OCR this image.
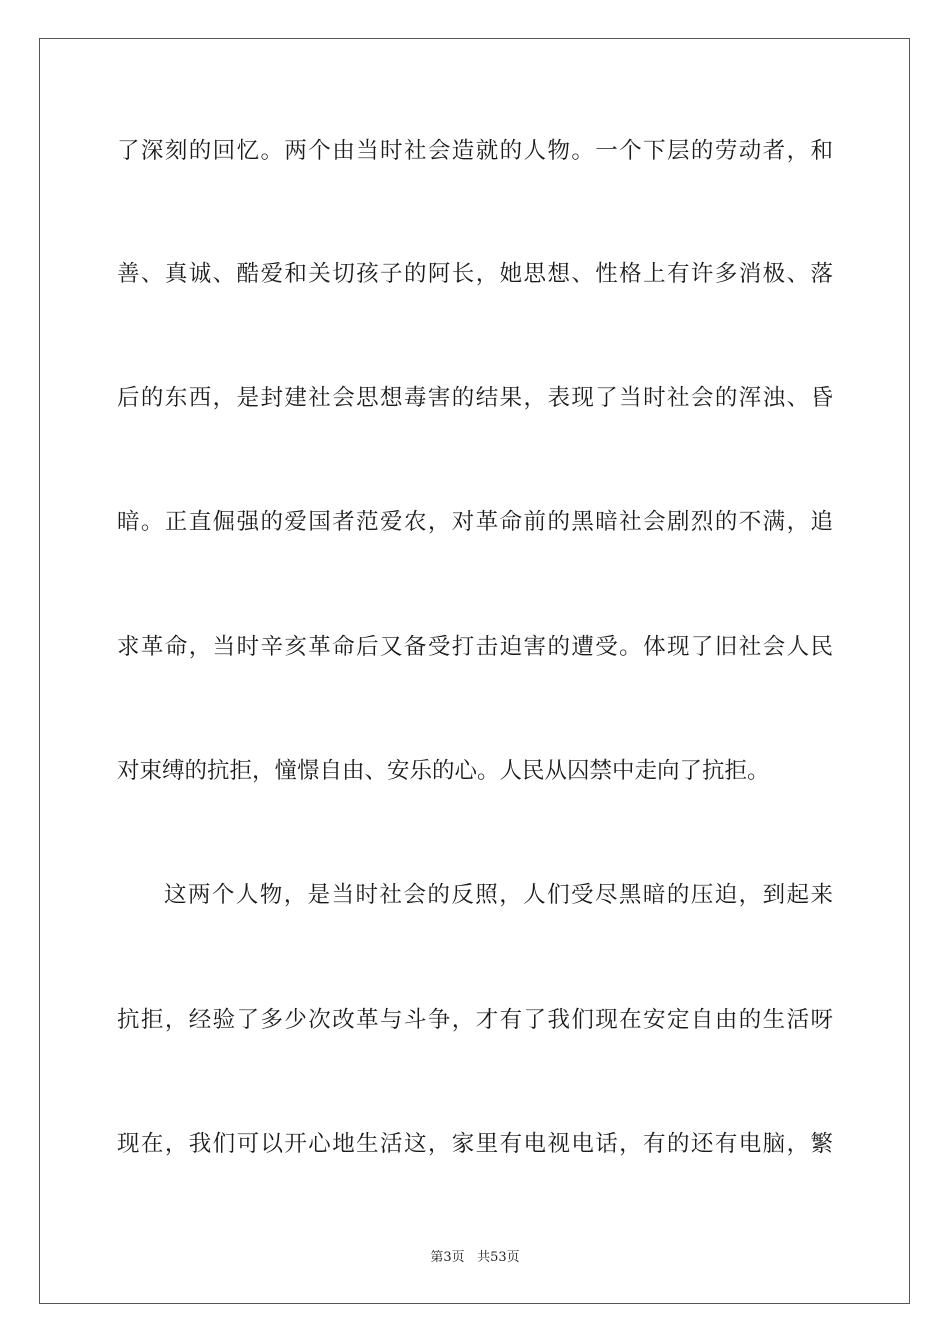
了深刻的回忆。两个由当时社会造就的人物。一个下层的劳动者，和
善、真诚、酷爱和关切孩子的阿长，她思想、性格上有许多消极、落
后的东西，是封建社会思想毒害的结果，表现了当时社会的浑浊、昏
暗。正直倔强的爱国者范爱农，对革命前的黑暗社会剧烈的不满，追
求革命，当时辛亥革命后又备受打击迫害的遭受。体现了旧社会人民
对束缚的抗拒，憧憬自由、安乐的心。人民从囚禁中走向了抗拒。
这两个人物，是当时社会的反照，人们受尽黑暗的压迫，到起来
抗拒，经验了多少次改革与斗争，才有了我们现在安定自由的生活呀
现在，我们可以开心地生活这，家里有电视电话，有的还有电脑，繁
第3页 共53页
